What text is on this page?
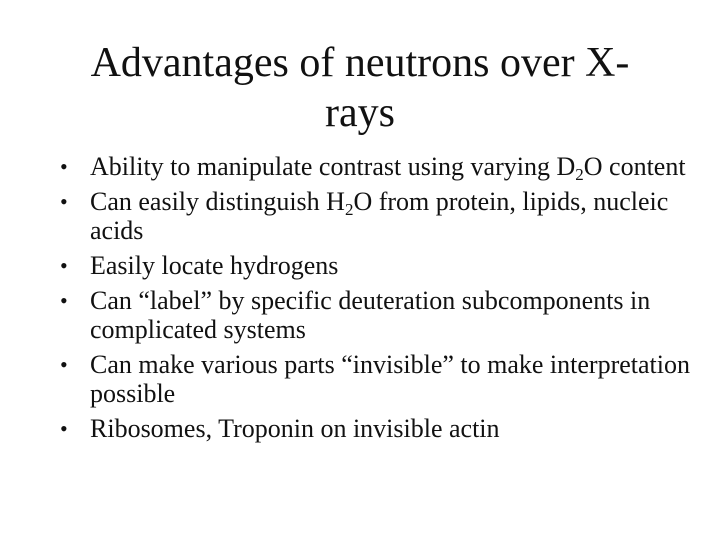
Advantages of neutrons over X-rays
• Ability to manipulate contrast using varying $D_2O$ content
• Can easily distinguish $H_2O$ from protein, lipids, nucleic acids
• Easily locate hydrogens
• Can “label” by specific deuteration subcomponents in complicated systems
• Can make various parts “invisible” to make interpretation possible
• Ribosomes, Troponin on invisible actin
